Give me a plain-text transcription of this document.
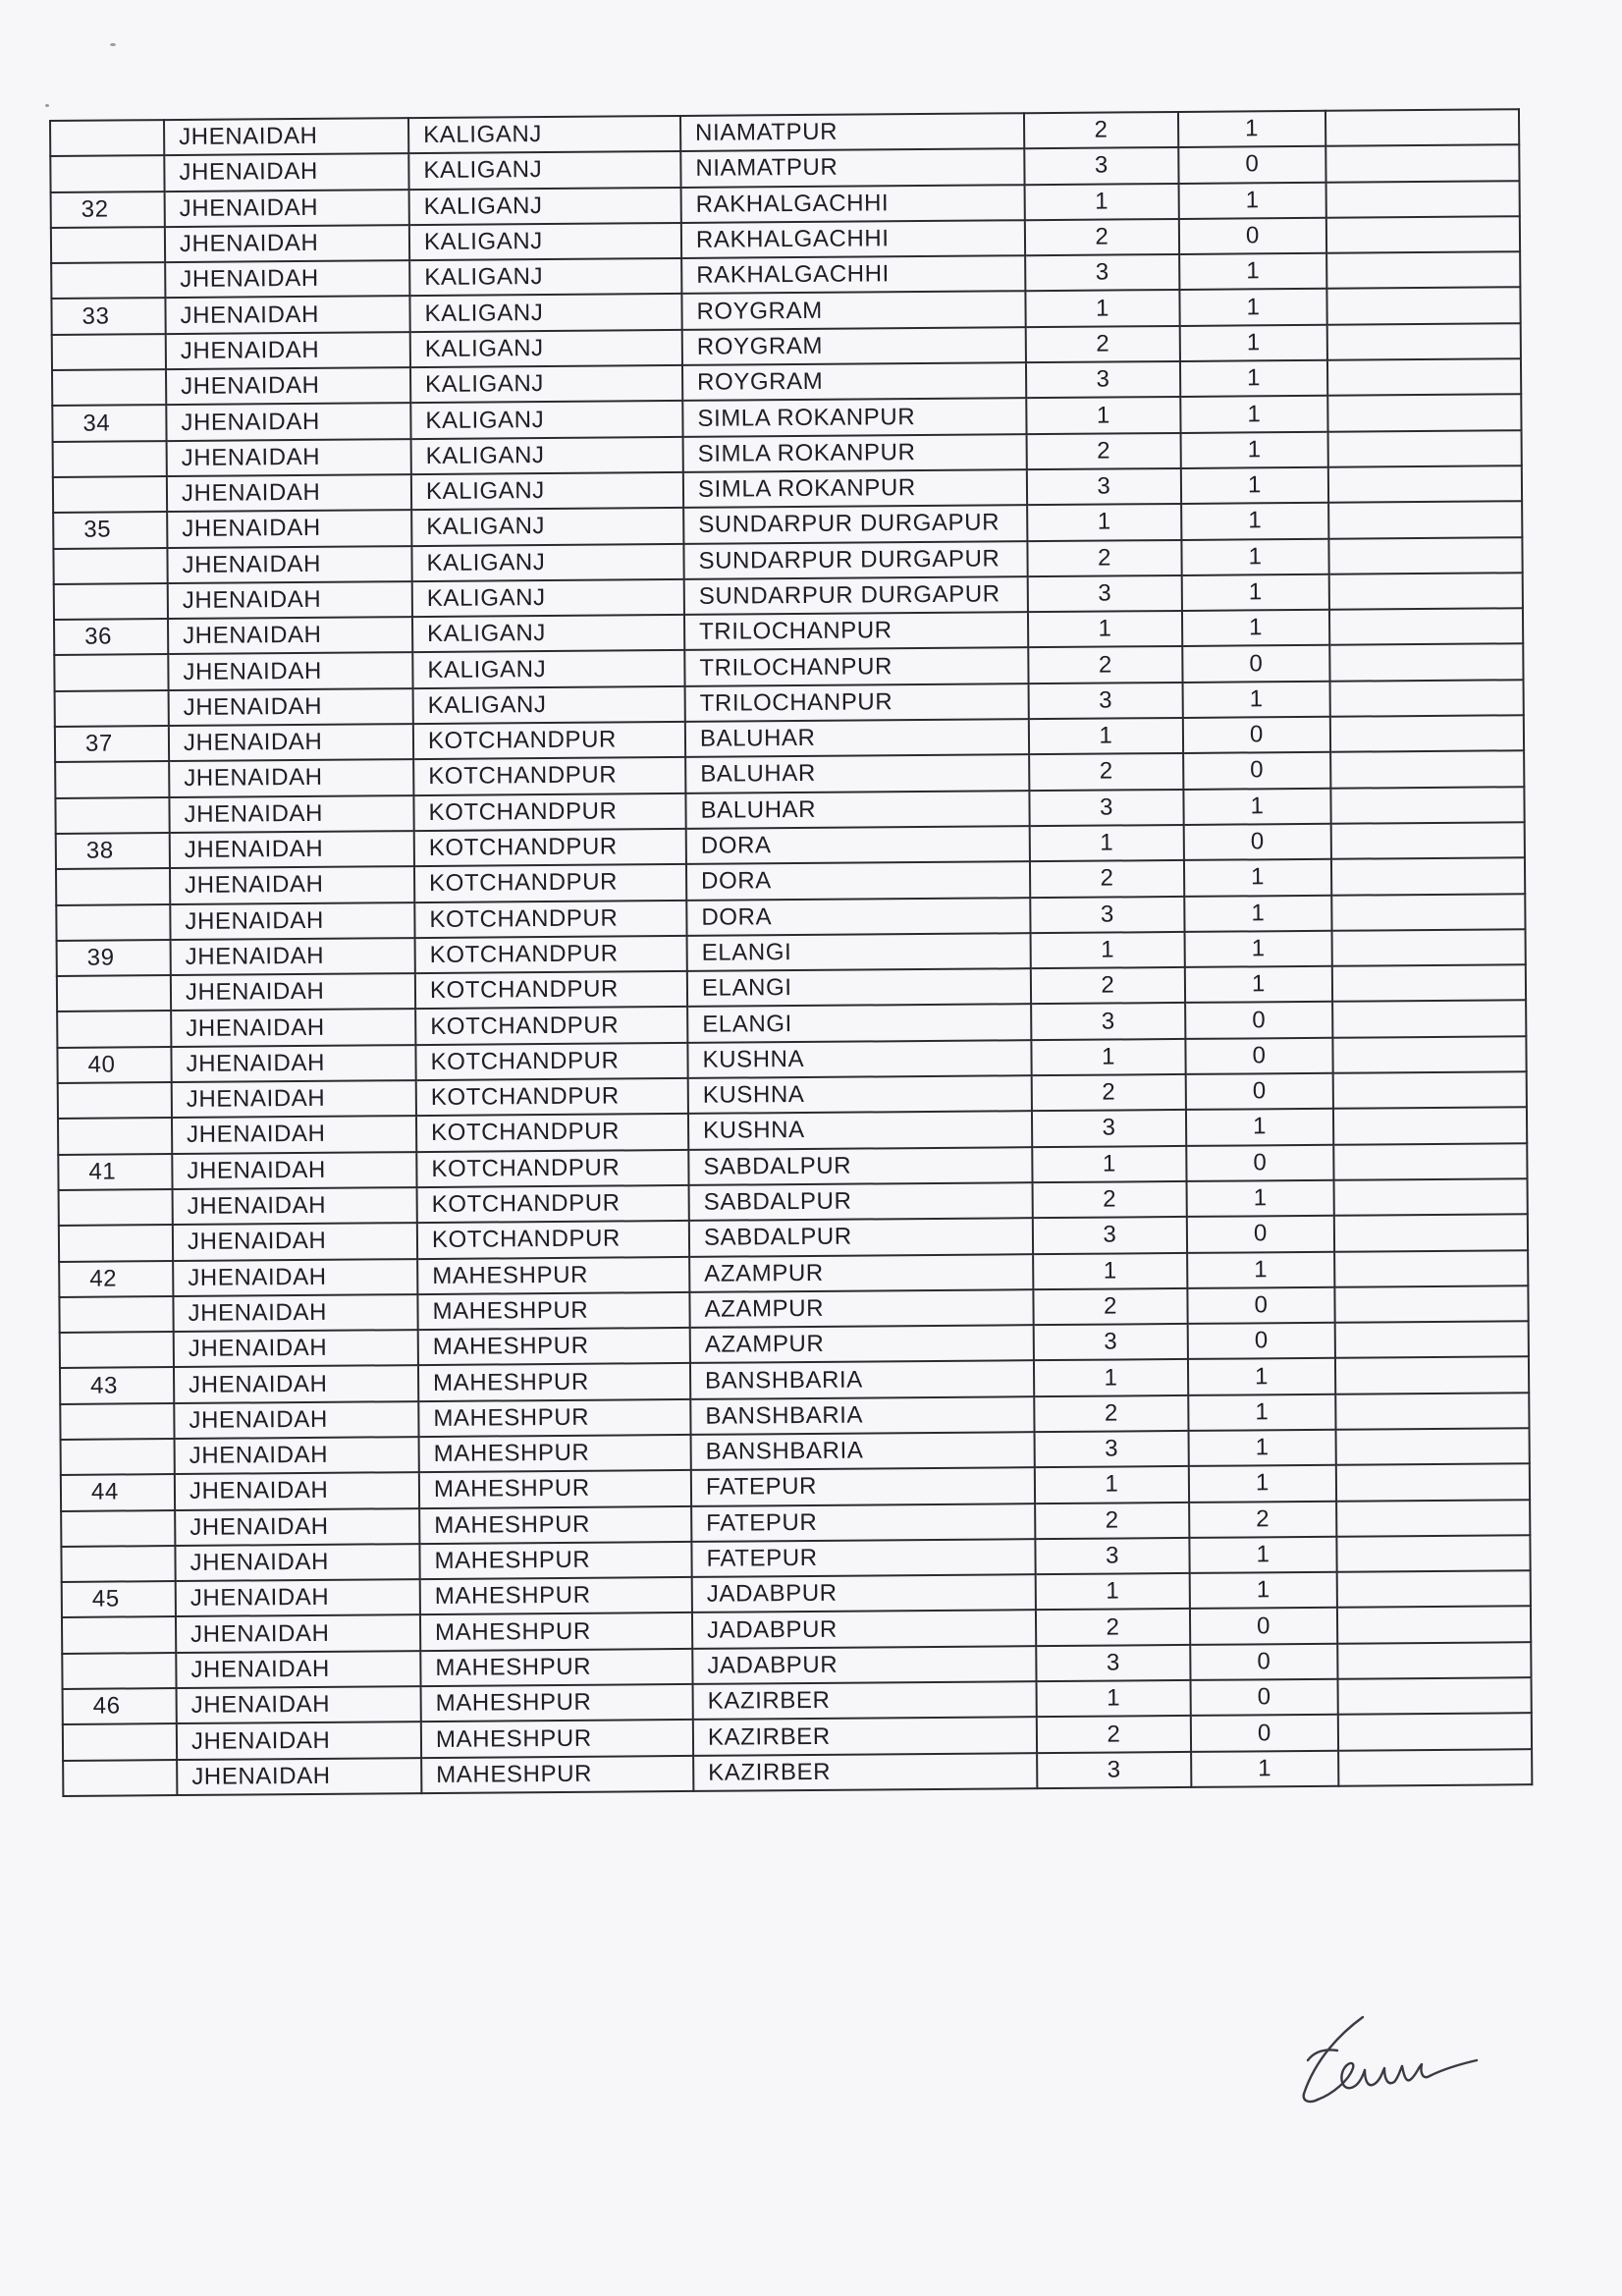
	JHENAIDAH	KALIGANJ	NIAMATPUR	2	1	
	JHENAIDAH	KALIGANJ	NIAMATPUR	3	0	
32	JHENAIDAH	KALIGANJ	RAKHALGACHHI	1	1	
	JHENAIDAH	KALIGANJ	RAKHALGACHHI	2	0	
	JHENAIDAH	KALIGANJ	RAKHALGACHHI	3	1	
33	JHENAIDAH	KALIGANJ	ROYGRAM	1	1	
	JHENAIDAH	KALIGANJ	ROYGRAM	2	1	
	JHENAIDAH	KALIGANJ	ROYGRAM	3	1	
34	JHENAIDAH	KALIGANJ	SIMLA ROKANPUR	1	1	
	JHENAIDAH	KALIGANJ	SIMLA ROKANPUR	2	1	
	JHENAIDAH	KALIGANJ	SIMLA ROKANPUR	3	1	
35	JHENAIDAH	KALIGANJ	SUNDARPUR DURGAPUR	1	1	
	JHENAIDAH	KALIGANJ	SUNDARPUR DURGAPUR	2	1	
	JHENAIDAH	KALIGANJ	SUNDARPUR DURGAPUR	3	1	
36	JHENAIDAH	KALIGANJ	TRILOCHANPUR	1	1	
	JHENAIDAH	KALIGANJ	TRILOCHANPUR	2	0	
	JHENAIDAH	KALIGANJ	TRILOCHANPUR	3	1	
37	JHENAIDAH	KOTCHANDPUR	BALUHAR	1	0	
	JHENAIDAH	KOTCHANDPUR	BALUHAR	2	0	
	JHENAIDAH	KOTCHANDPUR	BALUHAR	3	1	
38	JHENAIDAH	KOTCHANDPUR	DORA	1	0	
	JHENAIDAH	KOTCHANDPUR	DORA	2	1	
	JHENAIDAH	KOTCHANDPUR	DORA	3	1	
39	JHENAIDAH	KOTCHANDPUR	ELANGI	1	1	
	JHENAIDAH	KOTCHANDPUR	ELANGI	2	1	
	JHENAIDAH	KOTCHANDPUR	ELANGI	3	0	
40	JHENAIDAH	KOTCHANDPUR	KUSHNA	1	0	
	JHENAIDAH	KOTCHANDPUR	KUSHNA	2	0	
	JHENAIDAH	KOTCHANDPUR	KUSHNA	3	1	
41	JHENAIDAH	KOTCHANDPUR	SABDALPUR	1	0	
	JHENAIDAH	KOTCHANDPUR	SABDALPUR	2	1	
	JHENAIDAH	KOTCHANDPUR	SABDALPUR	3	0	
42	JHENAIDAH	MAHESHPUR	AZAMPUR	1	1	
	JHENAIDAH	MAHESHPUR	AZAMPUR	2	0	
	JHENAIDAH	MAHESHPUR	AZAMPUR	3	0	
43	JHENAIDAH	MAHESHPUR	BANSHBARIA	1	1	
	JHENAIDAH	MAHESHPUR	BANSHBARIA	2	1	
	JHENAIDAH	MAHESHPUR	BANSHBARIA	3	1	
44	JHENAIDAH	MAHESHPUR	FATEPUR	1	1	
	JHENAIDAH	MAHESHPUR	FATEPUR	2	2	
	JHENAIDAH	MAHESHPUR	FATEPUR	3	1	
45	JHENAIDAH	MAHESHPUR	JADABPUR	1	1	
	JHENAIDAH	MAHESHPUR	JADABPUR	2	0	
	JHENAIDAH	MAHESHPUR	JADABPUR	3	0	
46	JHENAIDAH	MAHESHPUR	KAZIRBER	1	0	
	JHENAIDAH	MAHESHPUR	KAZIRBER	2	0	
	JHENAIDAH	MAHESHPUR	KAZIRBER	3	1	
